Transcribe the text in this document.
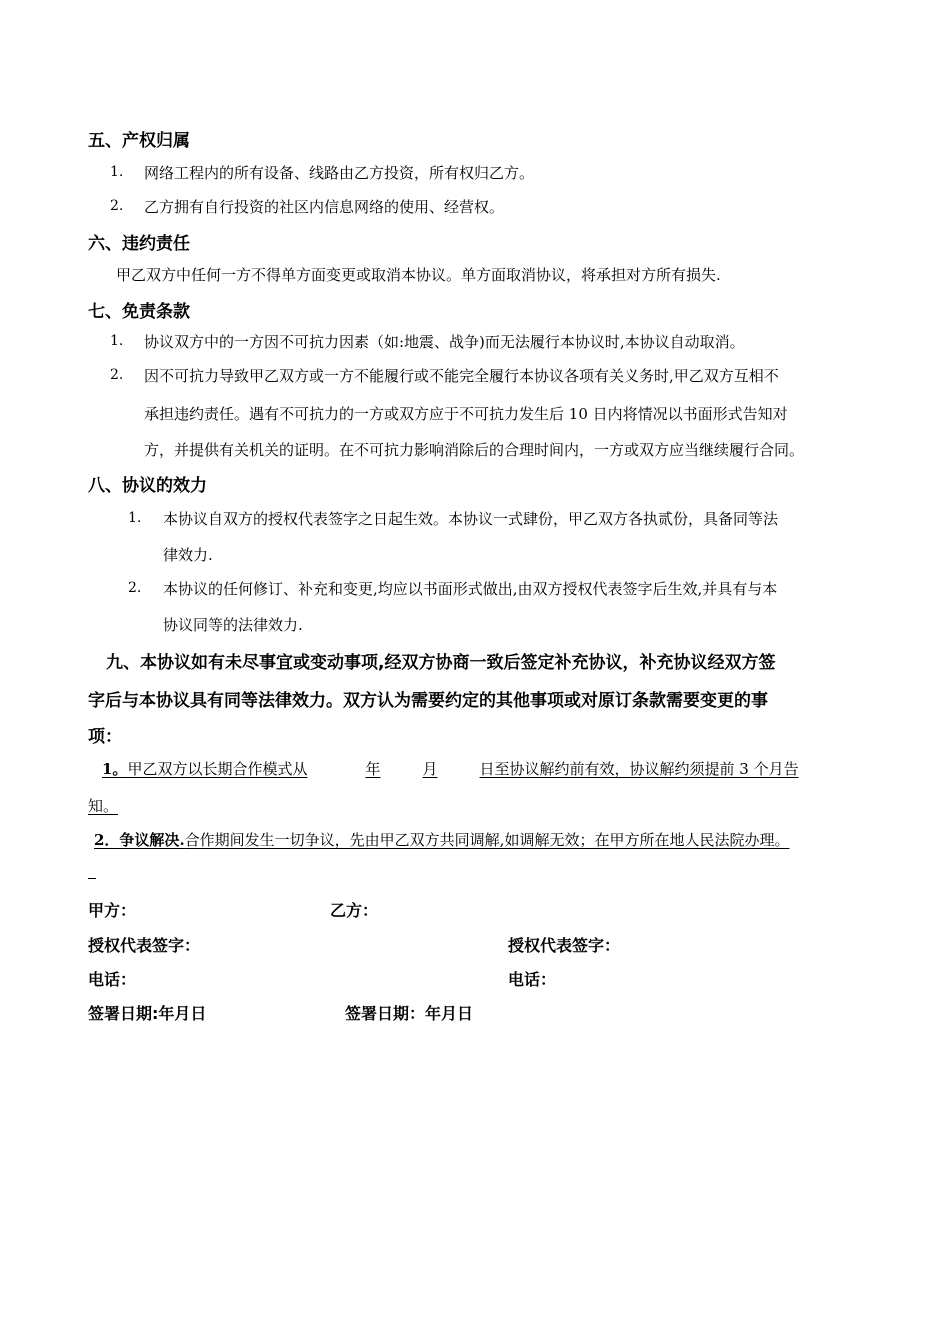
五、产权归属
1. 网络工程内的所有设备、线路由乙方投资，所有权归乙方。
2. 乙方拥有自行投资的社区内信息网络的使用、经营权。
六、违约责任
甲乙双方中任何一方不得单方面变更或取消本协议。单方面取消协议，将承担对方所有损失.
七、免责条款
1. 协议双方中的一方因不可抗力因素（如:地震、战争)而无法履行本协议时,本协议自动取消。
2. 因不可抗力导致甲乙双方或一方不能履行或不能完全履行本协议各项有关义务时,甲乙双方互相不
承担违约责任。遇有不可抗力的一方或双方应于不可抗力发生后 10 日内将情况以书面形式告知对
方，并提供有关机关的证明。在不可抗力影响消除后的合理时间内，一方或双方应当继续履行合同。
八、协议的效力
1. 本协议自双方的授权代表签字之日起生效。本协议一式肆份，甲乙双方各执贰份，具备同等法
律效力.
2. 本协议的任何修订、补充和变更,均应以书面形式做出,由双方授权代表签字后生效,并具有与本
协议同等的法律效力.
九、本协议如有未尽事宜或变动事项,经双方协商一致后签定补充协议，补充协议经双方签
字后与本协议具有同等法律效力。双方认为需要约定的其他事项或对原订条款需要变更的事
项：
1。甲乙双方以长期合作模式从	年	月	日至协议解约前有效，协议解约须提前 3 个月告
知。
2．争议解决.合作期间发生一切争议，先由甲乙双方共同调解,如调解无效；在甲方所在地人民法院办理。
甲方：	乙方：
授权代表签字：	授权代表签字：
电话：	电话：
签署日期:年月日	签署日期：年月日
